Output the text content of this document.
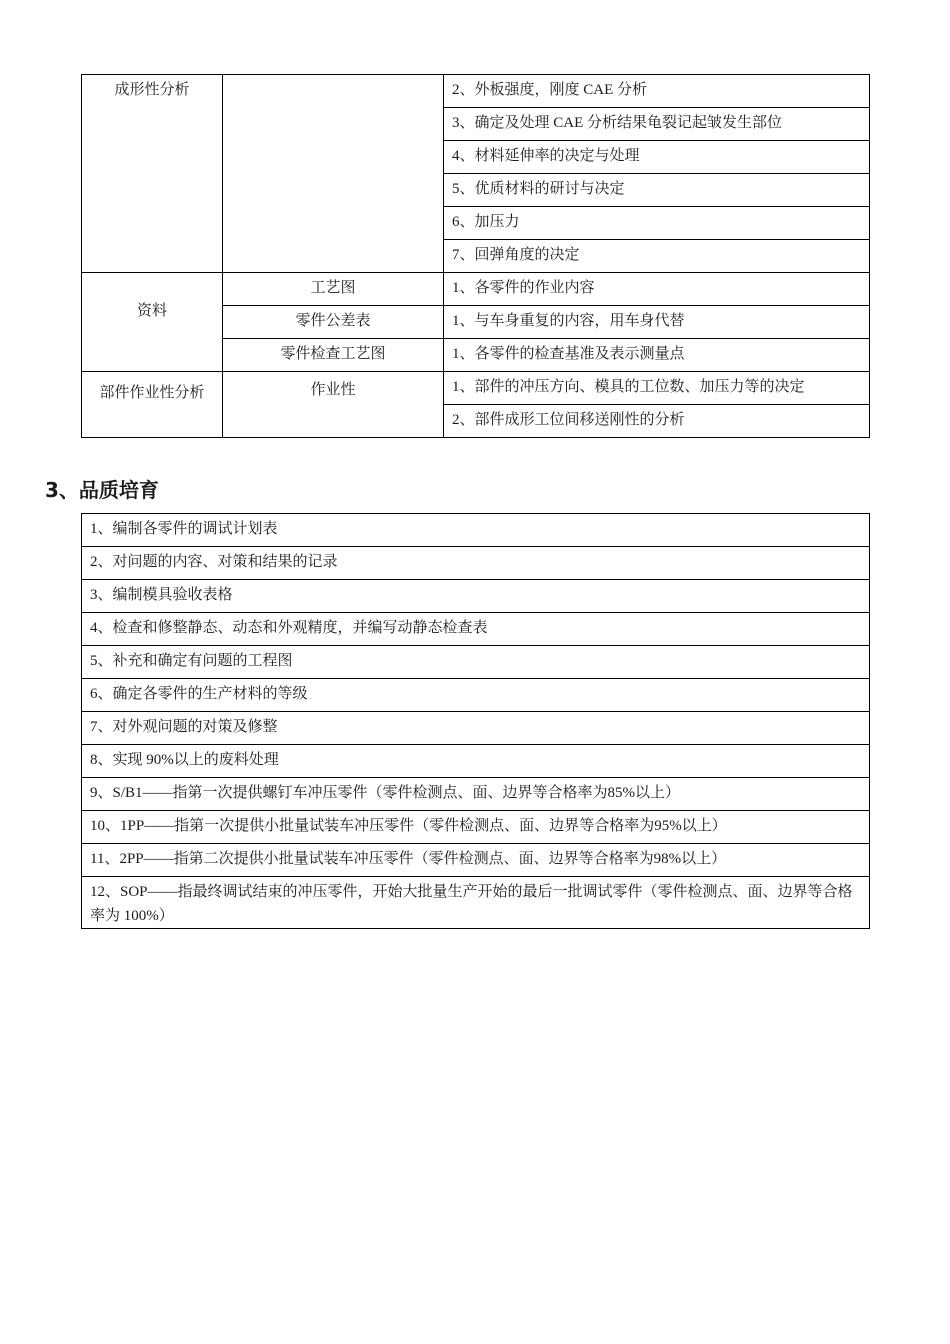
成形性分析		2、外板强度，刚度 CAE 分析
		3、确定及处理 CAE 分析结果龟裂记起皱发生部位
		4、材料延伸率的决定与处理
		5、优质材料的研讨与决定
		6、加压力
		7、回弹角度的决定
资料	工艺图	1、各零件的作业内容
	零件公差表	1、与车身重复的内容，用车身代替
	零件检查工艺图	1、各零件的检查基准及表示测量点
部件作业性分析	作业性	1、部件的冲压方向、模具的工位数、加压力等的决定
		2、部件成形工位间移送刚性的分析
3、品质培育
1、编制各零件的调试计划表
2、对问题的内容、对策和结果的记录
3、编制模具验收表格
4、检查和修整静态、动态和外观精度，并编写动静态检查表
5、补充和确定有问题的工程图
6、确定各零件的生产材料的等级
7、对外观问题的对策及修整
8、实现 90%以上的废料处理
9、S/B1——指第一次提供螺钉车冲压零件（零件检测点、面、边界等合格率为85%以上）
10、1PP——指第一次提供小批量试装车冲压零件（零件检测点、面、边界等合格率为95%以上）
11、2PP——指第二次提供小批量试装车冲压零件（零件检测点、面、边界等合格率为98%以上）
12、SOP——指最终调试结束的冲压零件，开始大批量生产开始的最后一批调试零件（零件检测点、面、边界等合格率为 100%）
